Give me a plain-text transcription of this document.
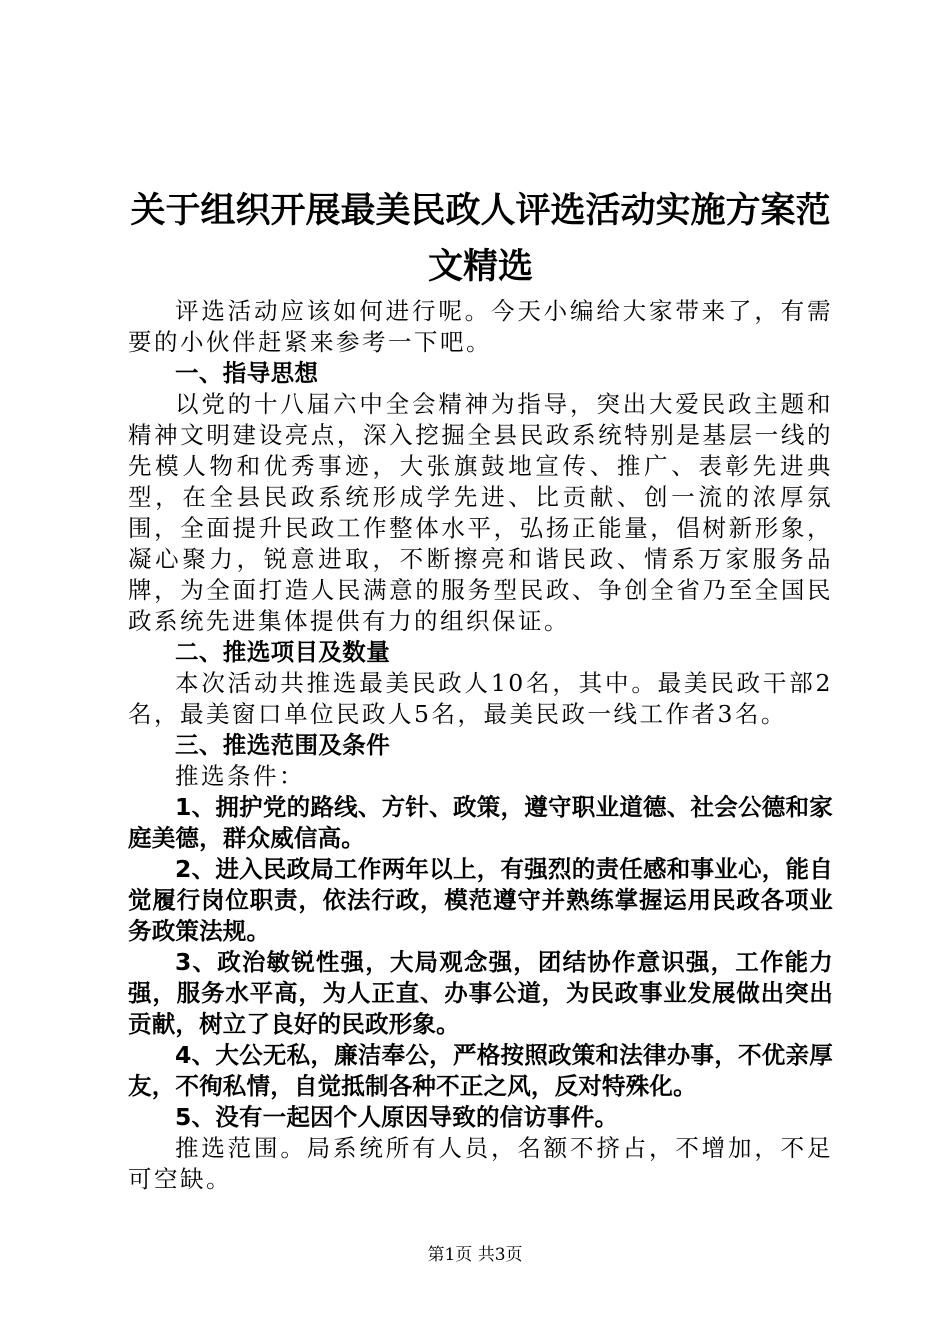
关于组织开展最美民政人评选活动实施方案范
文精选

评选活动应该如何进行呢。今天小编给大家带来了，有需要的小伙伴赶紧来参考一下吧。

一、指导思想

以党的十八届六中全会精神为指导，突出大爱民政主题和精神文明建设亮点，深入挖掘全县民政系统特别是基层一线的先模人物和优秀事迹，大张旗鼓地宣传、推广、表彰先进典型，在全县民政系统形成学先进、比贡献、创一流的浓厚氛围，全面提升民政工作整体水平，弘扬正能量，倡树新形象，凝心聚力，锐意进取，不断擦亮和谐民政、情系万家服务品牌，为全面打造人民满意的服务型民政、争创全省乃至全国民政系统先进集体提供有力的组织保证。

二、推选项目及数量

本次活动共推选最美民政人10名，其中。最美民政干部2名，最美窗口单位民政人5名，最美民政一线工作者3名。

三、推选范围及条件

推选条件：

1、拥护党的路线、方针、政策，遵守职业道德、社会公德和家庭美德，群众威信高。

2、进入民政局工作两年以上，有强烈的责任感和事业心，能自觉履行岗位职责，依法行政，模范遵守并熟练掌握运用民政各项业务政策法规。

3、政治敏锐性强，大局观念强，团结协作意识强，工作能力强，服务水平高，为人正直、办事公道，为民政事业发展做出突出贡献，树立了良好的民政形象。

4、大公无私，廉洁奉公，严格按照政策和法律办事，不优亲厚友，不徇私情，自觉抵制各种不正之风，反对特殊化。

5、没有一起因个人原因导致的信访事件。

推选范围。局系统所有人员，名额不挤占，不增加，不足可空缺。

第1页 共3页
